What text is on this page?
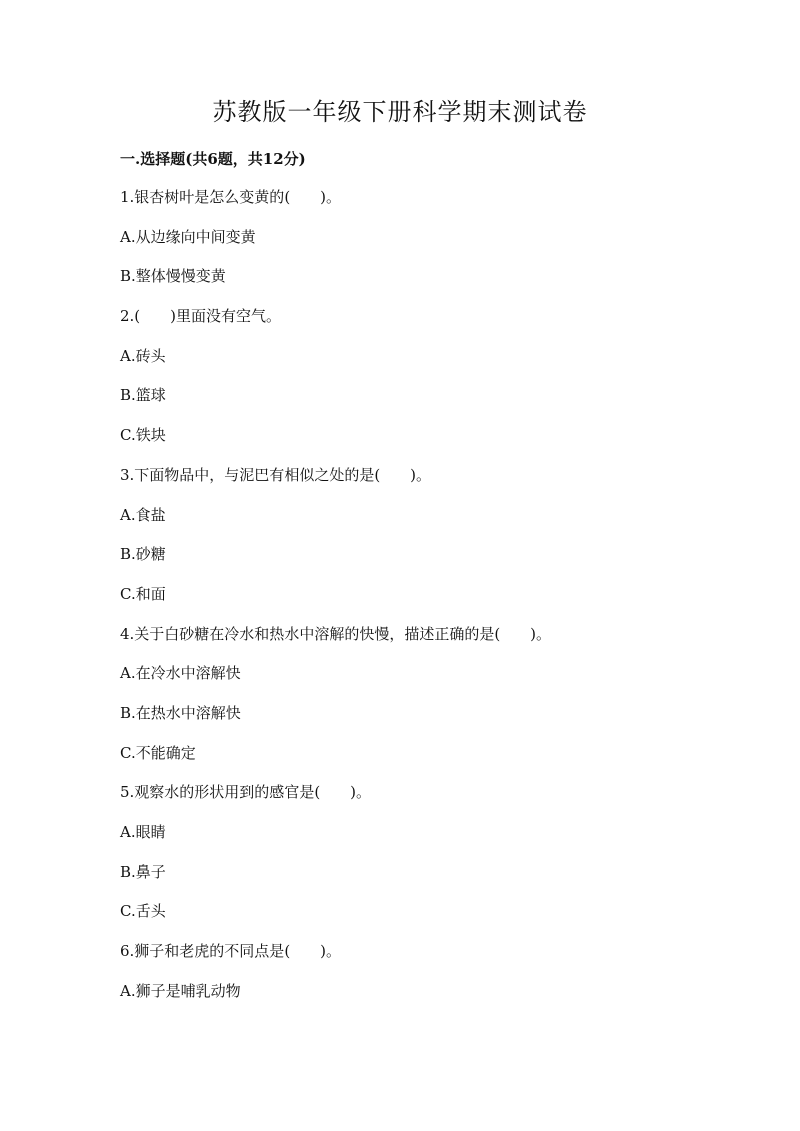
苏教版一年级下册科学期末测试卷
一.选择题(共6题，共12分)
1.银杏树叶是怎么变黄的(　　)。
A.从边缘向中间变黄
B.整体慢慢变黄
2.(　　)里面没有空气。
A.砖头
B.篮球
C.铁块
3.下面物品中，与泥巴有相似之处的是(　　)。
A.食盐
B.砂糖
C.和面
4.关于白砂糖在冷水和热水中溶解的快慢，描述正确的是(　　)。
A.在冷水中溶解快
B.在热水中溶解快
C.不能确定
5.观察水的形状用到的感官是(　　)。
A.眼睛
B.鼻子
C.舌头
6.狮子和老虎的不同点是(　　)。
A.狮子是哺乳动物
